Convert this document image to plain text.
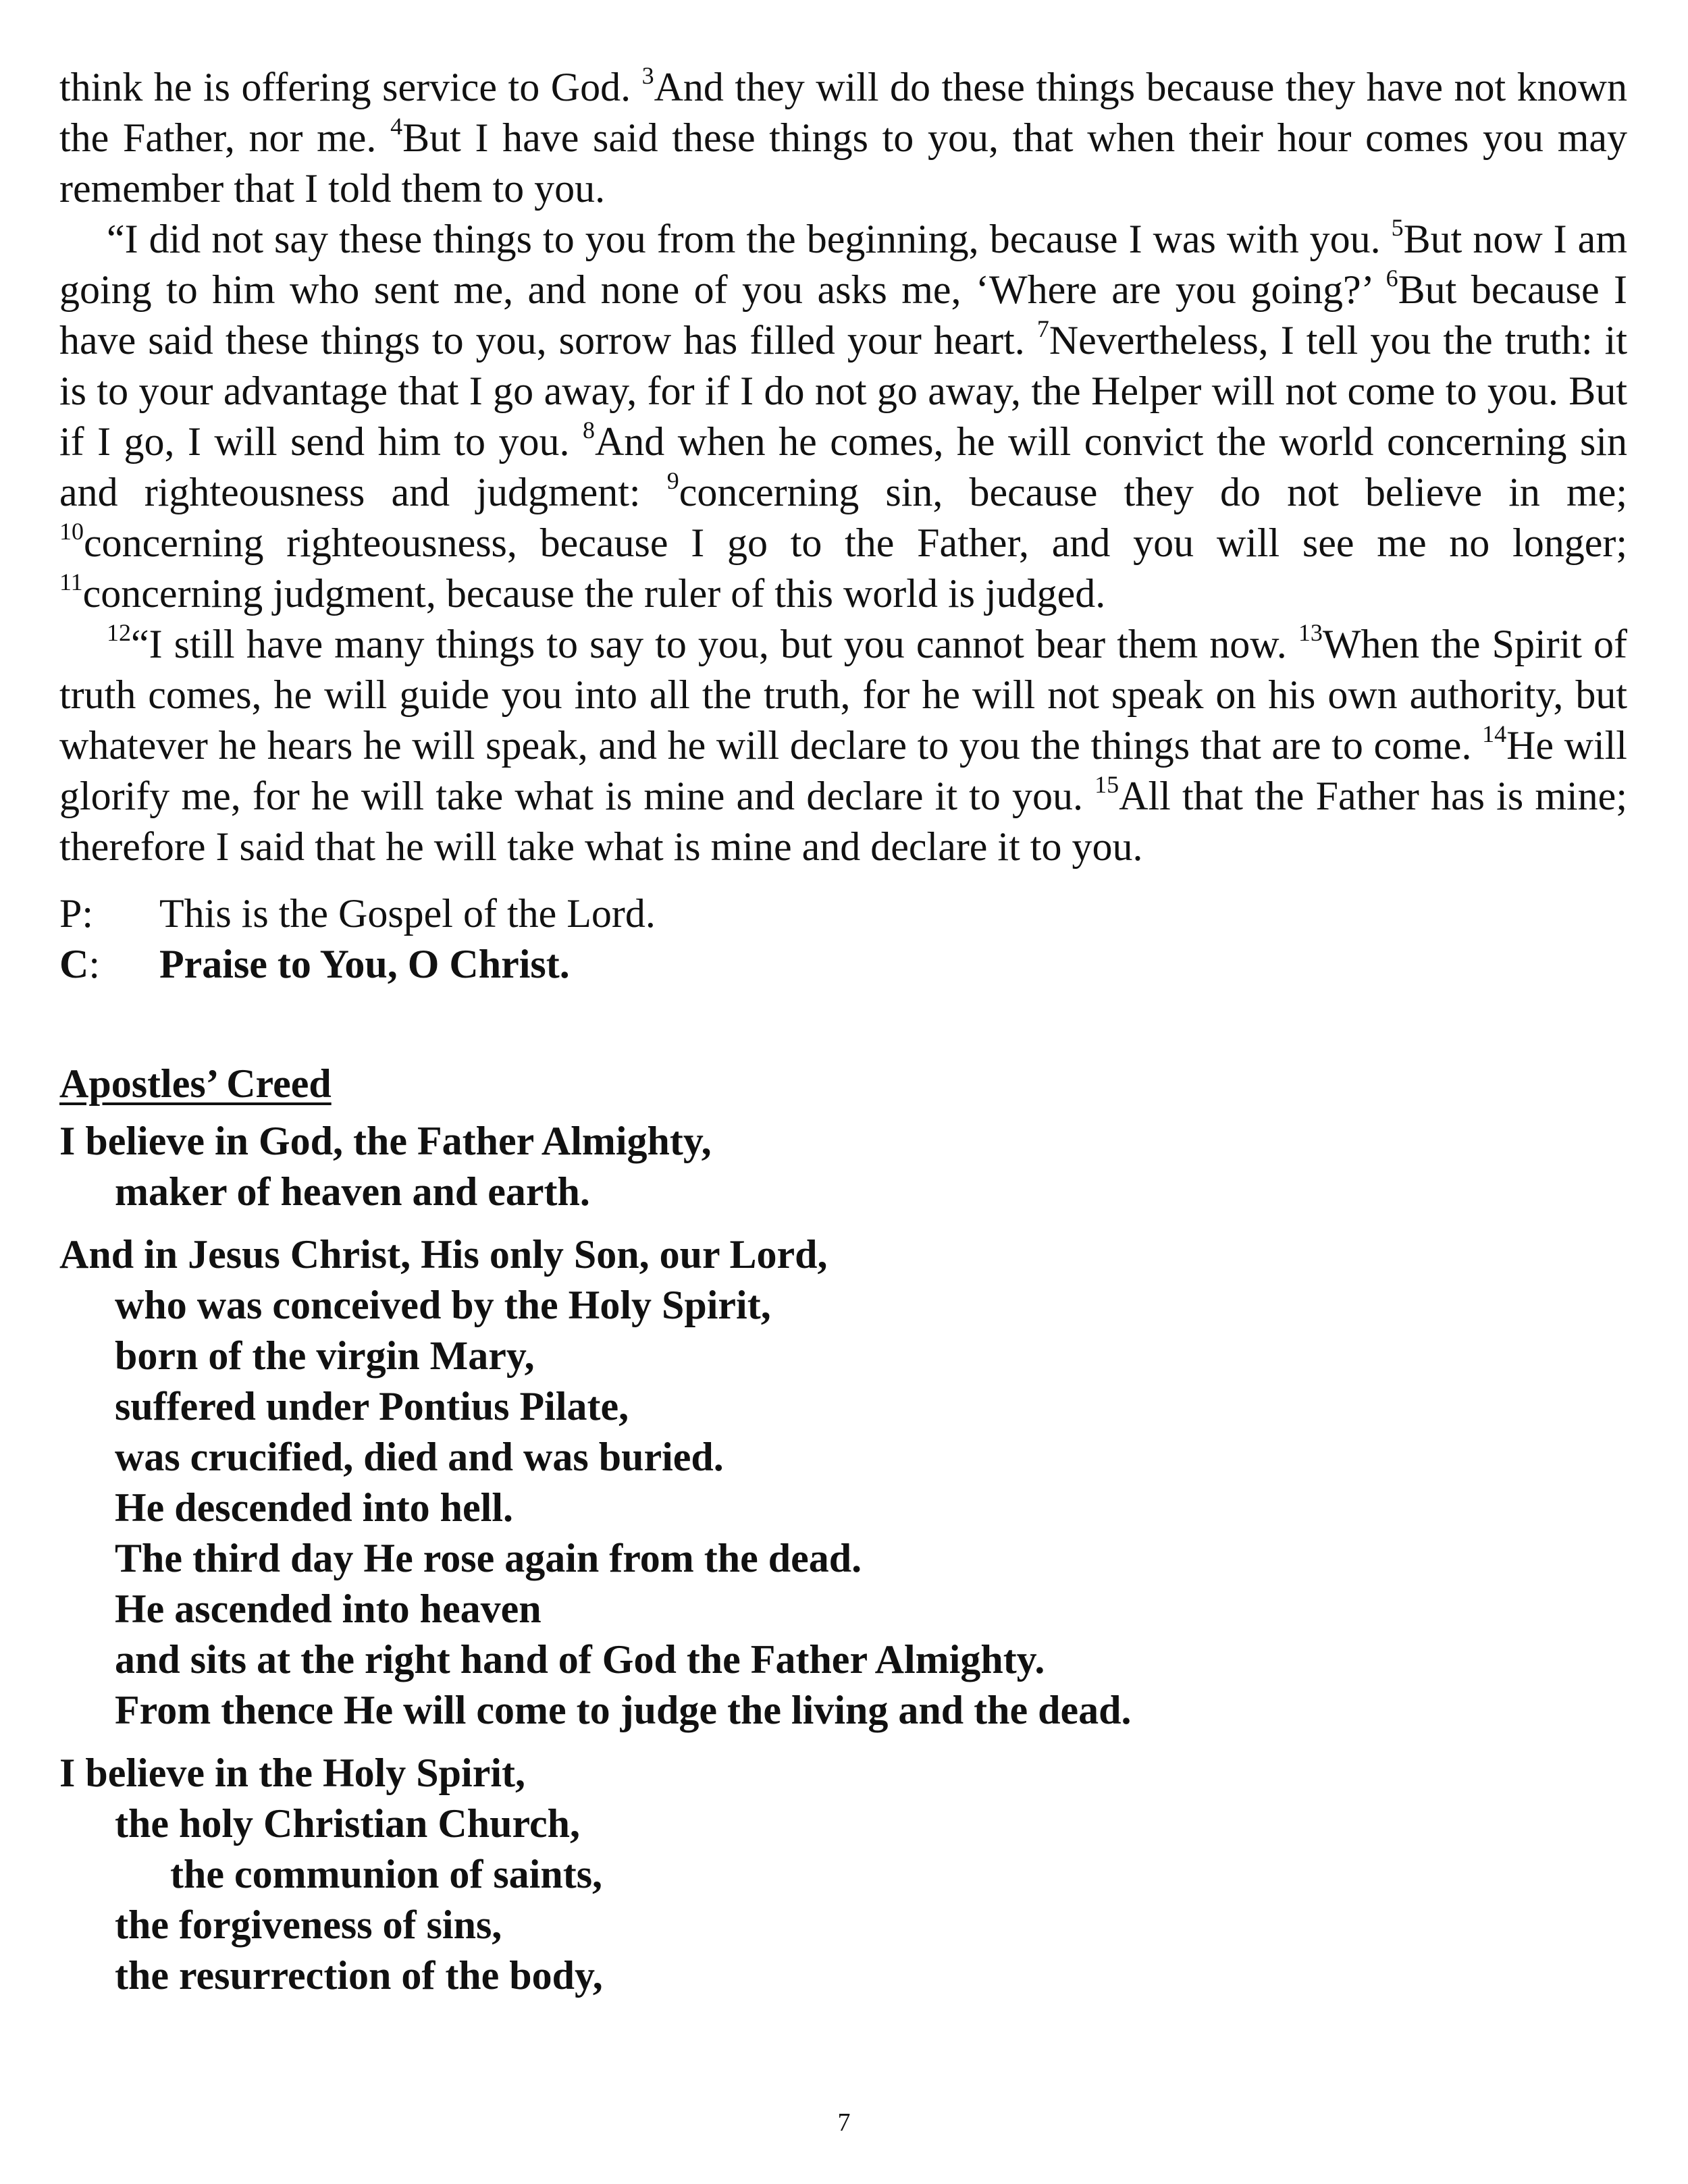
think he is offering service to God. $^3$And they will do these things because they have not known the Father, nor me. $^4$But I have said these things to you, that when their hour comes you may remember that I told them to you.

“I did not say these things to you from the beginning, because I was with you. $^5$But now I am going to him who sent me, and none of you asks me, ‘Where are you going?’ $^6$But because I have said these things to you, sorrow has filled your heart. $^7$Nevertheless, I tell you the truth: it is to your advantage that I go away, for if I do not go away, the Helper will not come to you. But if I go, I will send him to you. $^8$And when he comes, he will convict the world concerning sin and righteousness and judgment: $^9$concerning sin, because they do not believe in me; $^{10}$concerning righteousness, because I go to the Father, and you will see me no longer; $^{11}$concerning judgment, because the ruler of this world is judged.

$^{12}$“I still have many things to say to you, but you cannot bear them now. $^{13}$When the Spirit of truth comes, he will guide you into all the truth, for he will not speak on his own authority, but whatever he hears he will speak, and he will declare to you the things that are to come. $^{14}$He will glorify me, for he will take what is mine and declare it to you. $^{15}$All that the Father has is mine; therefore I said that he will take what is mine and declare it to you.

P:	This is the Gospel of the Lord.
C:	Praise to You, O Christ.
Apostles’ Creed
I believe in God, the Father Almighty,
maker of heaven and earth.
And in Jesus Christ, His only Son, our Lord,
who was conceived by the Holy Spirit,
born of the virgin Mary,
suffered under Pontius Pilate,
was crucified, died and was buried.
He descended into hell.
The third day He rose again from the dead.
He ascended into heaven
and sits at the right hand of God the Father Almighty.
From thence He will come to judge the living and the dead.
I believe in the Holy Spirit,
the holy Christian Church,
the communion of saints,
the forgiveness of sins,
the resurrection of the body,
7
